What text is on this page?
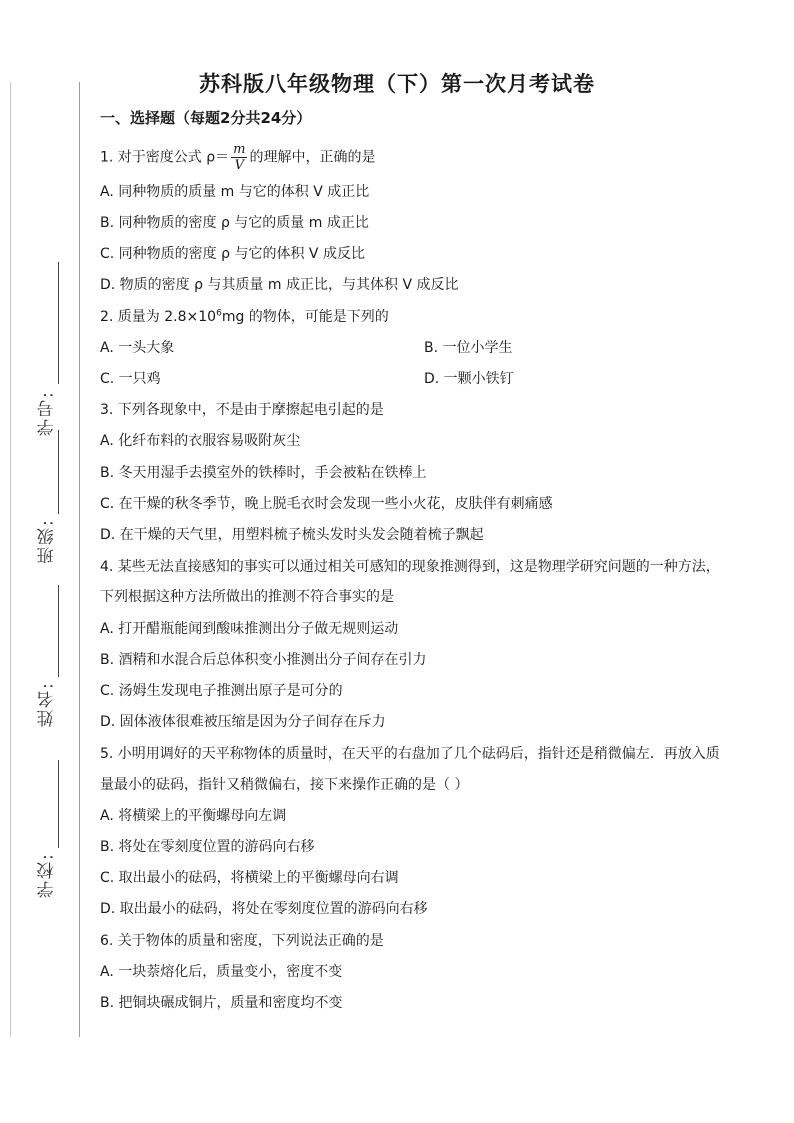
学号:
班级:
姓名:
学校:
苏科版八年级物理（下）第一次月考试卷
一、选择题（每题2分共24分）
1. 对于密度公式 $\rho= \frac{m}{V}$ 的理解中，正确的是
A. 同种物质的质量 m 与它的体积 V 成正比
B. 同种物质的密度 ρ 与它的质量 m 成正比
C. 同种物质的密度 ρ 与它的体积 V 成反比
D. 物质的密度 ρ 与其质量 m 成正比，与其体积 V 成反比
2. 质量为 $2.8\times 10^6mg$ 的物体，可能是下列的
A. 一头大象	B. 一位小学生
C. 一只鸡	D. 一颗小铁钉
3. 下列各现象中，不是由于摩擦起电引起的是
A. 化纤布料的衣服容易吸附灰尘
B. 冬天用湿手去摸室外的铁棒时，手会被粘在铁棒上
C. 在干燥的秋冬季节，晚上脱毛衣时会发现一些小火花，皮肤伴有刺痛感
D. 在干燥的天气里，用塑料梳子梳头发时头发会随着梳子飘起
4. 某些无法直接感知的事实可以通过相关可感知的现象推测得到，这是物理学研究问题的一种方法，
下列根据这种方法所做出的推测不符合事实的是
A. 打开醋瓶能闻到酸味推测出分子做无规则运动
B. 酒精和水混合后总体积变小推测出分子间存在引力
C. 汤姆生发现电子推测出原子是可分的
D. 固体液体很难被压缩是因为分子间存在斥力
5. 小明用调好的天平称物体的质量时，在天平的右盘加了几个砝码后，指针还是稍微偏左．再放入质
量最小的砝码，指针又稍微偏右，接下来操作正确的是（ ）
A. 将横梁上的平衡螺母向左调
B. 将处在零刻度位置的游码向右移
C. 取出最小的砝码，将横梁上的平衡螺母向右调
D. 取出最小的砝码，将处在零刻度位置的游码向右移
6. 关于物体的质量和密度，下列说法正确的是
A. 一块萘熔化后，质量变小，密度不变
B. 把铜块碾成铜片，质量和密度均不变
